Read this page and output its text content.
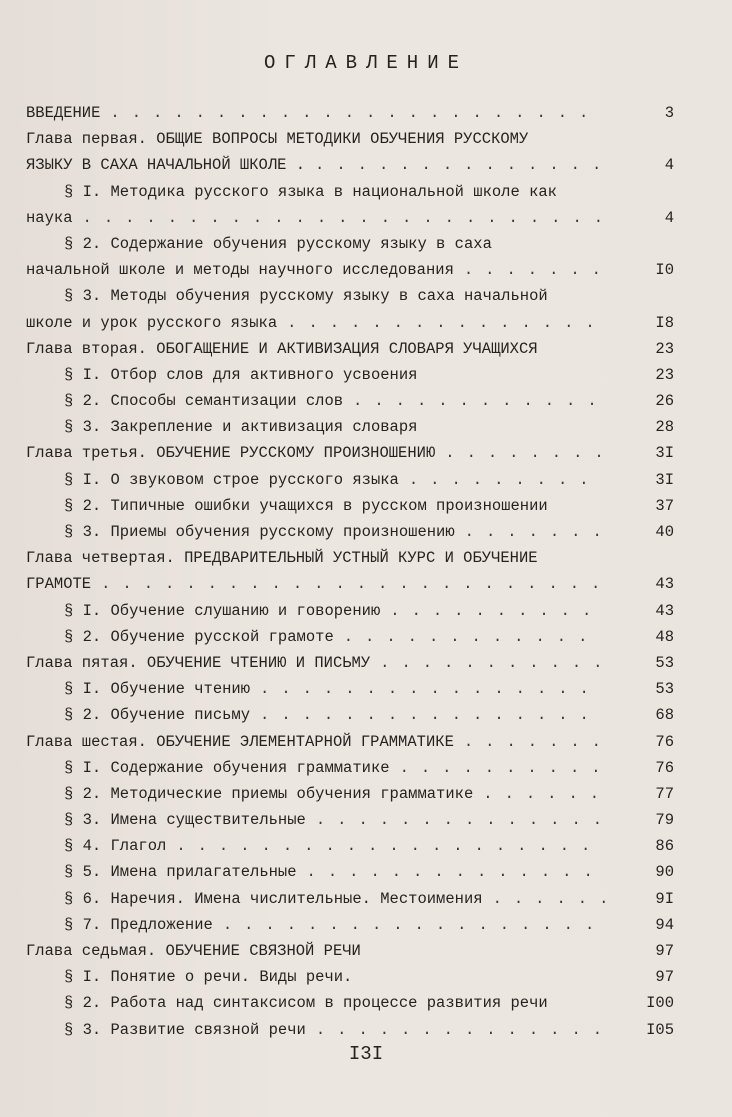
ОГЛАВЛЕНИЕ
ВВЕДЕНИЕ .......................	3
Глава первая. ОБЩИЕ ВОПРОСЫ МЕТОДИКИ ОБУЧЕНИЯ РУССКОМУ
ЯЗЫКУ В САХА НАЧАЛЬНОЙ ШКОЛЕ . ..............	4
§ I. Методика русского языка в национальной школе как
наука .........................	4
§ 2. Содержание обучения русскому языку в саха
начальной школе и методы научного исследования .......	I0
§ 3. Методы обучения русскому языку в саха начальной
школе и урок русского языка ...............	I8
Глава вторая. ОБОГАЩЕНИЕ И АКТИВИЗАЦИЯ СЛОВАРЯ УЧАЩИХСЯ	23
§ I. Отбор слов для активного усвоения	23
§ 2. Способы семантизации слов ............	26
§ 3. Закрепление и активизация словаря	28
Глава третья. ОБУЧЕНИЕ РУССКОМУ ПРОИЗНОШЕНИЮ ........	3I
§ I. О звуковом строе русского языка .........	3I
§ 2. Типичные ошибки учащихся в русском произношении	37
§ 3. Приемы обучения русскому произношению .......	40
Глава четвертая. ПРЕДВАРИТЕЛЬНЫЙ УСТНЫЙ КУРС И ОБУЧЕНИЕ
ГРАМОТЕ ........................	43
§ I. Обучение слушанию и говорению ..........	43
§ 2. Обучение русской грамоте ............	48
Глава пятая. ОБУЧЕНИЕ ЧТЕНИЮ И ПИСЬМУ ...........	53
§ I. Обучение чтению ................	53
§ 2. Обучение письму ................	68
Глава шестая. ОБУЧЕНИЕ ЭЛЕМЕНТАРНОЙ ГРАММАТИКЕ .......	76
§ I. Содержание обучения грамматике ..........	76
§ 2. Методические приемы обучения грамматике ......	77
§ 3. Имена существительные ..............	79
§ 4. Глагол ....................	86
§ 5. Имена прилагательные ..............	90
§ 6. Наречия. Имена числительные. Местоимения ......	9I
§ 7. Предложение ..................	94
Глава седьмая. ОБУЧЕНИЕ СВЯЗНОЙ РЕЧИ	97
§ I. Понятие о речи. Виды речи.	97
§ 2. Работа над синтаксисом в процессе развития речи	I00
§ 3. Развитие связной речи ..............	I05
I3I
